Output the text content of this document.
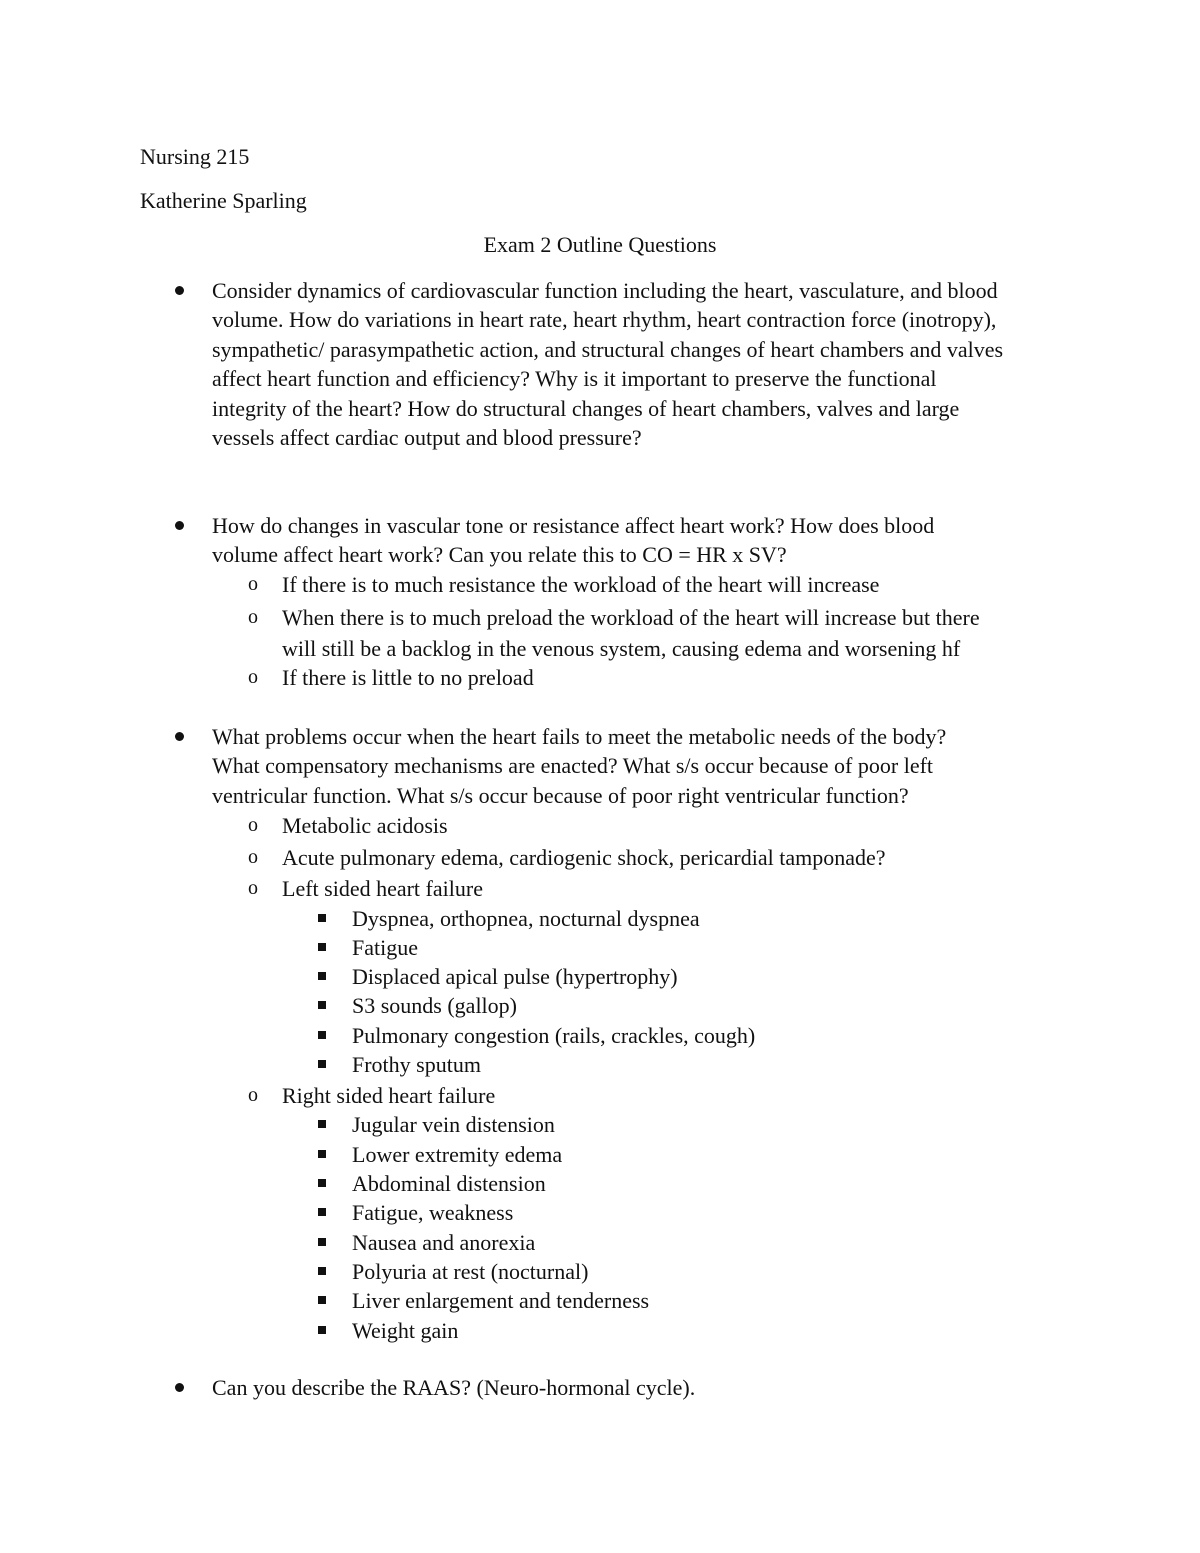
Nursing 215
Katherine Sparling
Exam 2 Outline Questions
Consider dynamics of cardiovascular function including the heart, vasculature, and blood
volume. How do variations in heart rate, heart rhythm, heart contraction force (inotropy),
sympathetic/ parasympathetic action, and structural changes of heart chambers and valves
affect heart function and efficiency? Why is it important to preserve the functional
integrity of the heart? How do structural changes of heart chambers, valves and large
vessels affect cardiac output and blood pressure?
How do changes in vascular tone or resistance affect heart work? How does blood
volume affect heart work? Can you relate this to CO = HR x SV?
o If there is to much resistance the workload of the heart will increase
o When there is to much preload the workload of the heart will increase but there
will still be a backlog in the venous system, causing edema and worsening hf
o If there is little to no preload
What problems occur when the heart fails to meet the metabolic needs of the body?
What compensatory mechanisms are enacted? What s/s occur because of poor left
ventricular function. What s/s occur because of poor right ventricular function?
o Metabolic acidosis
o Acute pulmonary edema, cardiogenic shock, pericardial tamponade?
o Left sided heart failure
Dyspnea, orthopnea, nocturnal dyspnea
Fatigue
Displaced apical pulse (hypertrophy)
S3 sounds (gallop)
Pulmonary congestion (rails, crackles, cough)
Frothy sputum
o Right sided heart failure
Jugular vein distension
Lower extremity edema
Abdominal distension
Fatigue, weakness
Nausea and anorexia
Polyuria at rest (nocturnal)
Liver enlargement and tenderness
Weight gain
Can you describe the RAAS? (Neuro-hormonal cycle).
